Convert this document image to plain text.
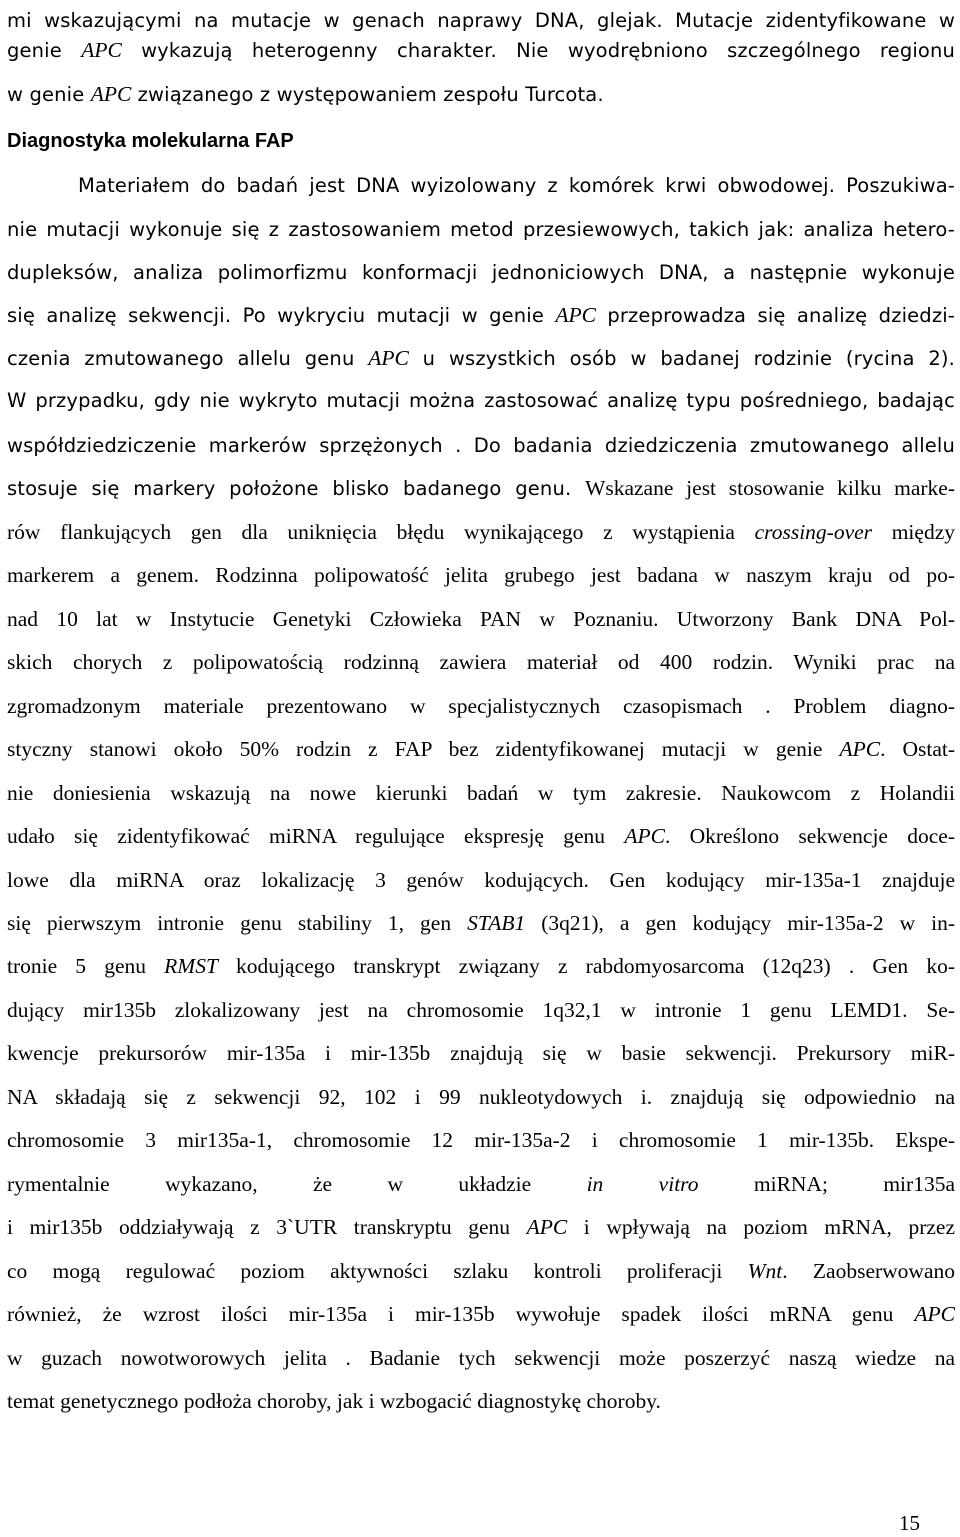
mi wskazującymi na mutacje w genach naprawy DNA, glejak. Mutacje zidentyfikowane w
genie APC wykazują heterogenny charakter. Nie wyodrębniono szczególnego regionu
w genie APC związanego z występowaniem zespołu Turcota.
Diagnostyka molekularna FAP
Materiałem do badań jest DNA wyizolowany z komórek krwi obwodowej. Poszukiwa-
nie mutacji wykonuje się z zastosowaniem metod przesiewowych, takich jak: analiza hetero-
dupleksów, analiza polimorfizmu konformacji jednoniciowych DNA, a następnie wykonuje
się analizę sekwencji. Po wykryciu mutacji w genie APC przeprowadza się analizę dziedzi-
czenia zmutowanego allelu genu APC u wszystkich osób w badanej rodzinie (rycina 2).
W przypadku, gdy nie wykryto mutacji można zastosować analizę typu pośredniego, badając
współdziedziczenie markerów sprzężonych . Do badania dziedziczenia zmutowanego allelu
stosuje się markery położone blisko badanego genu. Wskazane jest stosowanie kilku marke-
rów flankujących gen dla uniknięcia błędu wynikającego z wystąpienia crossing-over między
markerem a genem. Rodzinna polipowatość jelita grubego jest badana w naszym kraju od po-
nad 10 lat w Instytucie Genetyki Człowieka PAN w Poznaniu. Utworzony Bank DNA Pol-
skich chorych z polipowatością rodzinną zawiera materiał od 400 rodzin. Wyniki prac na
zgromadzonym materiale prezentowano w specjalistycznych czasopismach . Problem diagno-
styczny stanowi około 50% rodzin z FAP bez zidentyfikowanej mutacji w genie APC. Ostat-
nie doniesienia wskazują na nowe kierunki badań w tym zakresie. Naukowcom z Holandii
udało się zidentyfikować miRNA regulujące ekspresję genu APC. Określono sekwencje doce-
lowe dla miRNA oraz lokalizację 3 genów kodujących. Gen kodujący mir-135a-1 znajduje
się pierwszym intronie genu stabiliny 1, gen STAB1 (3q21), a gen kodujący mir-135a-2 w in-
tronie 5 genu RMST kodującego transkrypt związany z rabdomyosarcoma (12q23) . Gen ko-
dujący mir135b zlokalizowany jest na chromosomie 1q32,1 w intronie 1 genu LEMD1. Se-
kwencje prekursorów mir-135a i mir-135b znajdują się w basie sekwencji. Prekursory miR-
NA składają się z sekwencji 92, 102 i 99 nukleotydowych i. znajdują się odpowiednio na
chromosomie 3 mir135a-1, chromosomie 12 mir-135a-2 i chromosomie 1 mir-135b. Ekspe-
rymentalnie wykazano, że w układzie in vitro miRNA; mir135a
i mir135b oddziaływają z 3`UTR transkryptu genu APC i wpływają na poziom mRNA, przez
co mogą regulować poziom aktywności szlaku kontroli proliferacji Wnt. Zaobserwowano
również, że wzrost ilości mir-135a i mir-135b wywołuje spadek ilości mRNA genu APC
w guzach nowotworowych jelita . Badanie tych sekwencji może poszerzyć naszą wiedze na
temat genetycznego podłoża choroby, jak i wzbogacić diagnostykę choroby.
15
